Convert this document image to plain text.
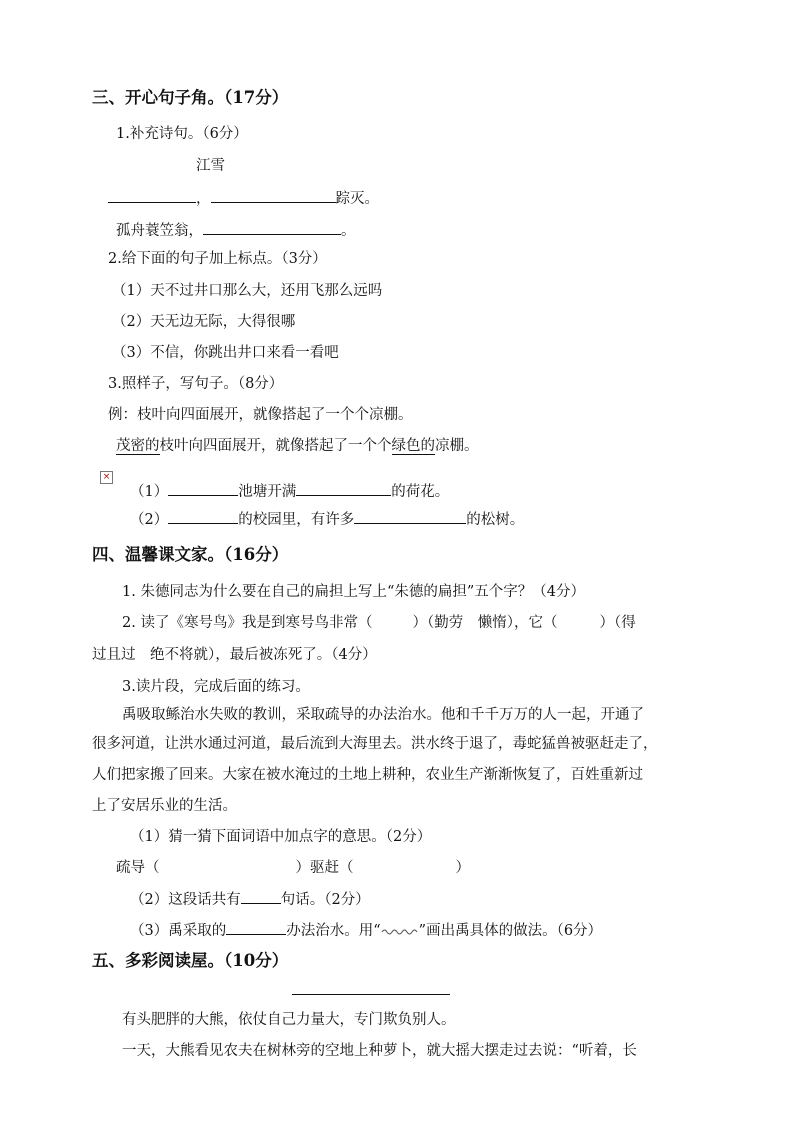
三、开心句子角。（17分）
1.补充诗句。（6分）
江雪
，	踪灭。
孤舟蓑笠翁，	。
2.给下面的句子加上标点。（3分）
（1）天不过井口那么大，还用飞那么远吗
（2）天无边无际，大得很哪
（3）不信，你跳出井口来看一看吧
3.照样子，写句子。（8分）
例：枝叶向四面展开，就像搭起了一个个凉棚。
茂密的枝叶向四面展开，就像搭起了一个个绿色的凉棚。
×
（1）	池塘开满	的荷花。
（2）	的校园里，有许多	的松树。
四、温馨课文家。（16分）
1. 朱德同志为什么要在自己的扁担上写上“朱德的扁担”五个字？（4分）
2. 读了《寒号鸟》我是到寒号鸟非常（	）（勤劳　懒惰），它（	）（得
过且过　绝不将就），最后被冻死了。（4分）
3.读片段，完成后面的练习。
禹吸取鲧治水失败的教训，采取疏导的办法治水。他和千千万万的人一起，开通了
很多河道，让洪水通过河道，最后流到大海里去。洪水终于退了，毒蛇猛兽被驱赶走了，
人们把家搬了回来。大家在被水淹过的土地上耕种，农业生产渐渐恢复了，百姓重新过
上了安居乐业的生活。
（1）猜一猜下面词语中加点字的意思。（2分）
疏导（	）驱赶（	）
（2）这段话共有	句话。（2分）
（3）禹采取的	办法治水。用“	”画出禹具体的做法。（6分）
五、多彩阅读屋。（10分）
有头肥胖的大熊，依仗自己力量大，专门欺负别人。
一天，大熊看见农夫在树林旁的空地上种萝卜，就大摇大摆走过去说：“听着，长
